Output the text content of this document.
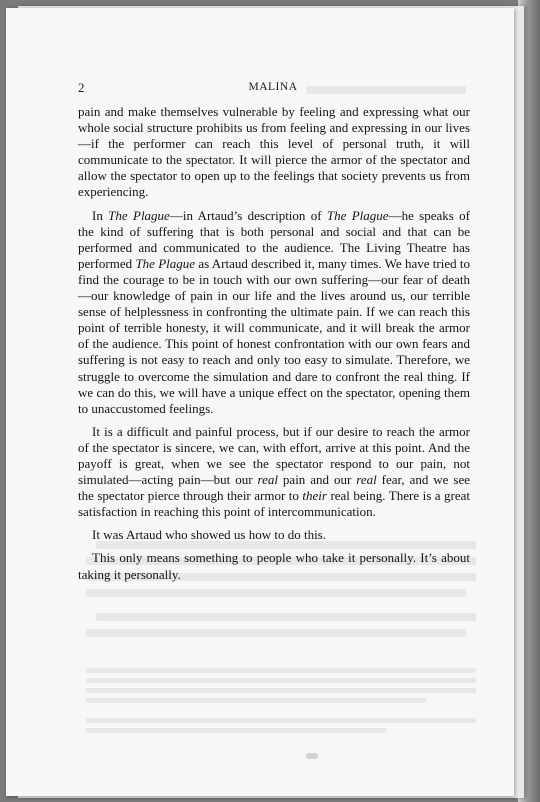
2	MALINA

pain and make themselves vulnerable by feeling and expressing what our whole social structure prohibits us from feeling and expressing in our lives—if the performer can reach this level of personal truth, it will communicate to the spectator. It will pierce the armor of the spectator and allow the spectator to open up to the feelings that society prevents us from experiencing.

In The Plague—in Artaud’s description of The Plague—he speaks of the kind of suffering that is both personal and social and that can be performed and communicated to the audience. The Living Theatre has performed The Plague as Artaud described it, many times. We have tried to find the courage to be in touch with our own suffering—our fear of death—our knowledge of pain in our life and the lives around us, our terrible sense of helplessness in confronting the ultimate pain. If we can reach this point of terrible honesty, it will communicate, and it will break the armor of the audience. This point of honest confrontation with our own fears and suffering is not easy to reach and only too easy to simulate. Therefore, we struggle to overcome the simulation and dare to confront the real thing. If we can do this, we will have a unique effect on the spectator, opening them to unaccustomed feelings.

It is a difficult and painful process, but if our desire to reach the armor of the spectator is sincere, we can, with effort, arrive at this point. And the payoff is great, when we see the spectator respond to our pain, not simulated—acting pain—but our real pain and our real fear, and we see the spectator pierce through their armor to their real being. There is a great satisfaction in reaching this point of intercommunication.

It was Artaud who showed us how to do this.

This only means something to people who take it personally. It’s about taking it personally.
